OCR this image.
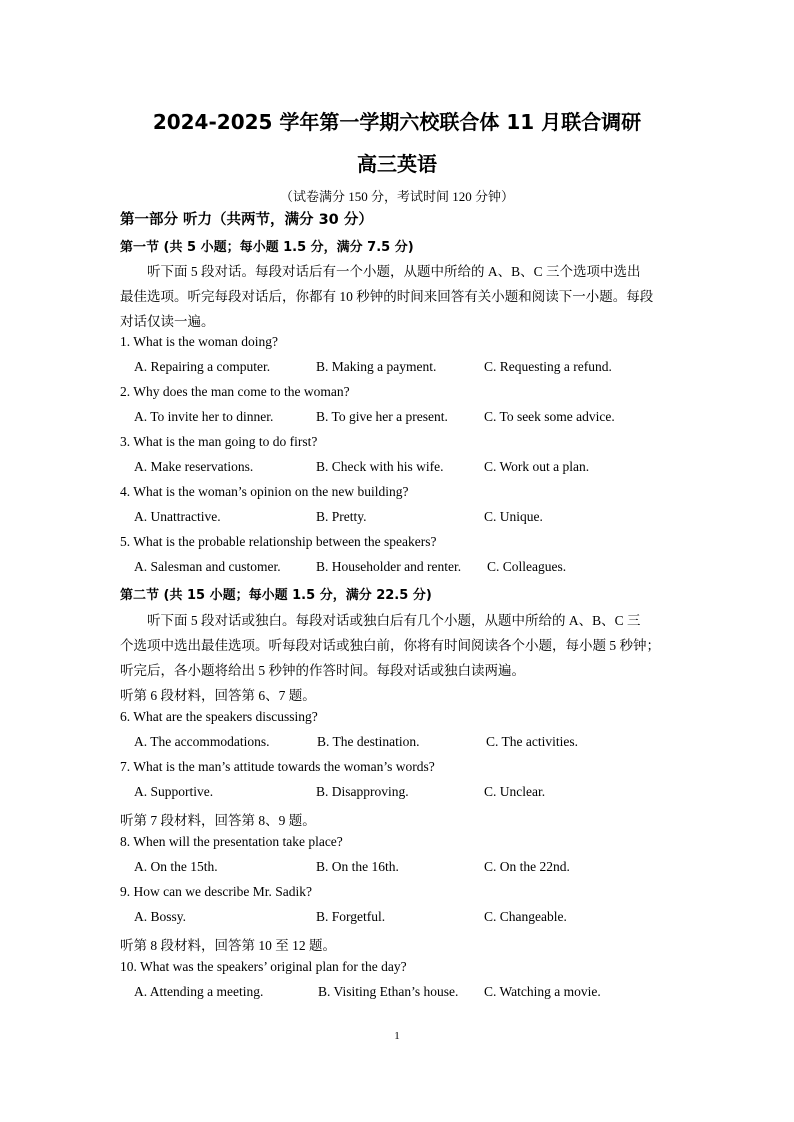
2024-2025 学年第一学期六校联合体 11 月联合调研
高三英语
（试卷满分 150 分，考试时间 120 分钟）
第一部分 听力（共两节，满分 30 分）
第一节 (共 5 小题；每小题 1.5 分，满分 7.5 分)
听下面 5 段对话。每段对话后有一个小题，从题中所给的 A、B、C 三个选项中选出
最佳选项。听完每段对话后，你都有 10 秒钟的时间来回答有关小题和阅读下一小题。每段
对话仅读一遍。
1. What is the woman doing?
A. Repairing a computer.	B. Making a payment.	C. Requesting a refund.
2. Why does the man come to the woman?
A. To invite her to dinner.	B. To give her a present.	C. To seek some advice.
3. What is the man going to do first?
A. Make reservations.	B. Check with his wife.	C. Work out a plan.
4. What is the woman’s opinion on the new building?
A. Unattractive.	B. Pretty.	C. Unique.
5. What is the probable relationship between the speakers?
A. Salesman and customer.	B. Householder and renter. C. Colleagues.
第二节 (共 15 小题；每小题 1.5 分，满分 22.5 分)
听下面 5 段对话或独白。每段对话或独白后有几个小题，从题中所给的 A、B、C 三
个选项中选出最佳选项。听每段对话或独白前，你将有时间阅读各个小题，每小题 5 秒钟；
听完后，各小题将给出 5 秒钟的作答时间。每段对话或独白读两遍。
听第 6 段材料，回答第 6、7 题。
6. What are the speakers discussing?
A. The accommodations.	B. The destination.	C. The activities.
7. What is the man’s attitude towards the woman’s words?
A. Supportive.	B. Disapproving.	C. Unclear.
听第 7 段材料，回答第 8、9 题。
8. When will the presentation take place?
A. On the 15th.	B. On the 16th.	C. On the 22nd.
9. How can we describe Mr. Sadik?
A. Bossy.	B. Forgetful.	C. Changeable.
听第 8 段材料，回答第 10 至 12 题。
10. What was the speakers’ original plan for the day?
A. Attending a meeting.	B. Visiting Ethan’s house. C. Watching a movie.
1
